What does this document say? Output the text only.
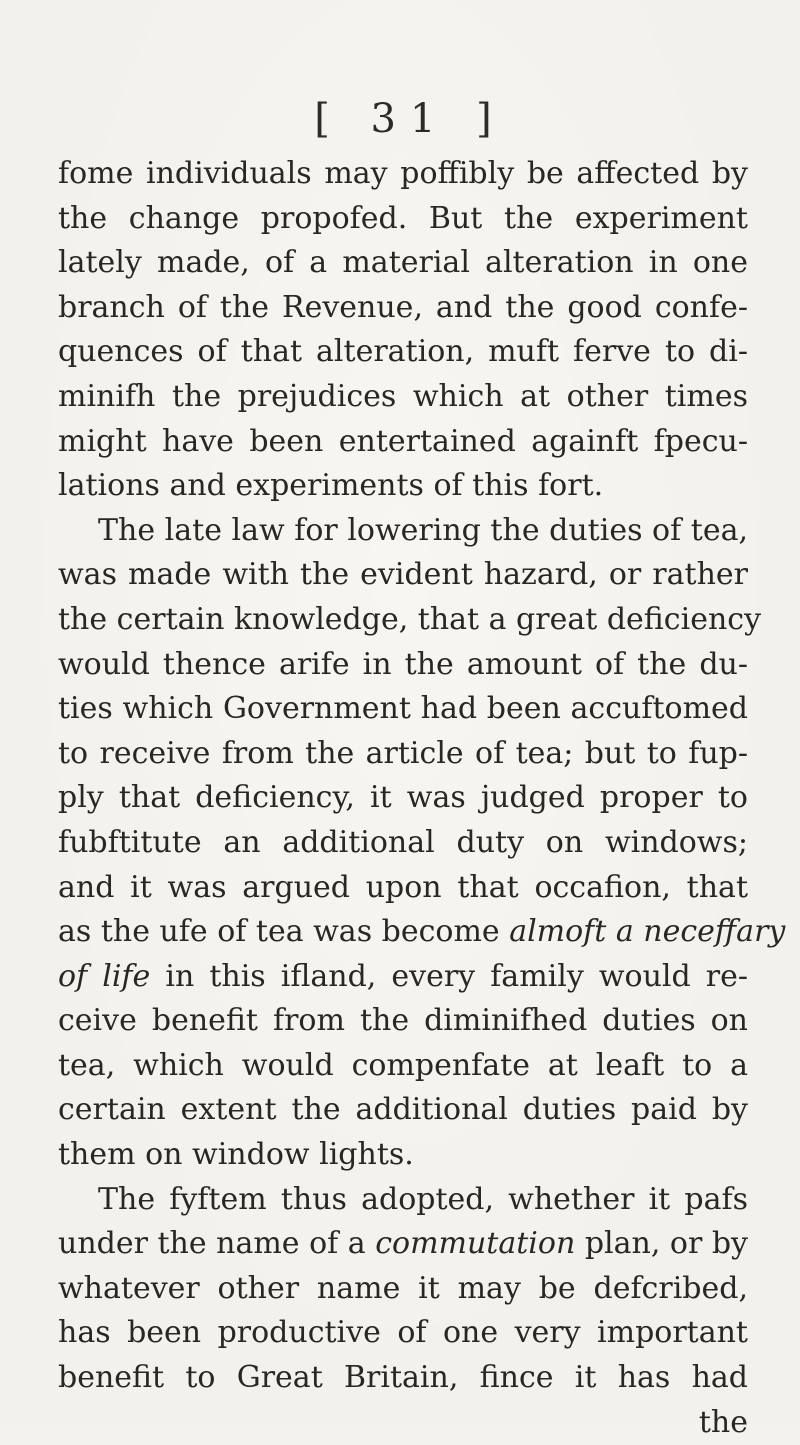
[ 31 ]
fome individuals may poffibly be affected by
the change propofed. But the experiment
lately made, of a material alteration in one
branch of the Revenue, and the good confe-
quences of that alteration, muft ferve to di-
minifh the prejudices which at other times
might have been entertained againft fpecu-
lations and experiments of this fort.
The late law for lowering the duties of tea,
was made with the evident hazard, or rather
the certain knowledge, that a great deficiency
would thence arife in the amount of the du-
ties which Government had been accuftomed
to receive from the article of tea; but to fup-
ply that deficiency, it was judged proper to
fubftitute an additional duty on windows;
and it was argued upon that occafion, that
as the ufe of tea was become almoft a neceffary
of life in this ifland, every family would re-
ceive benefit from the diminifhed duties on
tea, which would compenfate at leaft to a
certain extent the additional duties paid by
them on window lights.
The fyftem thus adopted, whether it pafs
under the name of a commutation plan, or by
whatever other name it may be defcribed,
has been productive of one very important
benefit to Great Britain, fince it has had
the
